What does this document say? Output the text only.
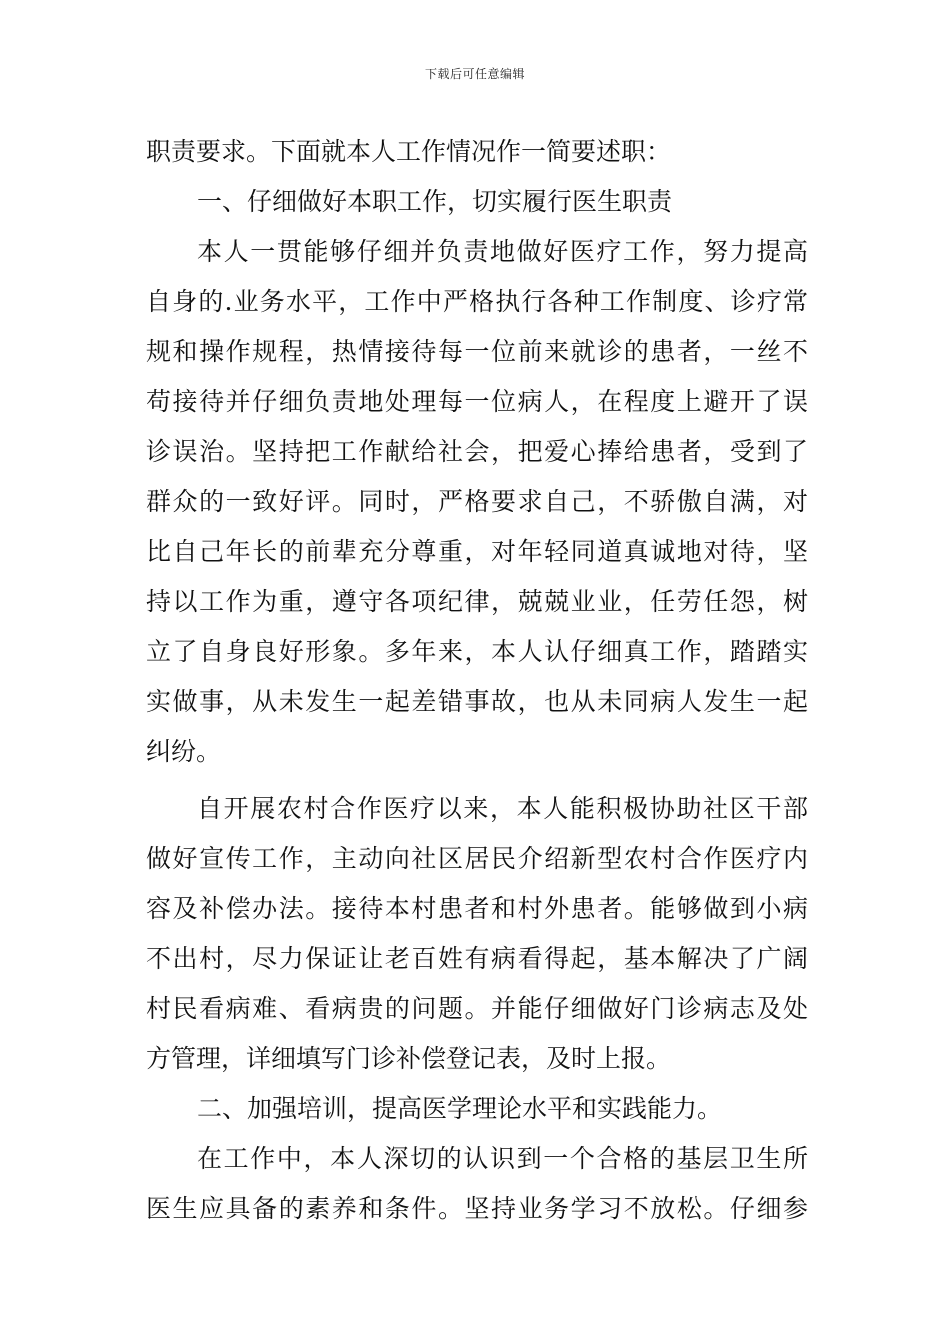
下载后可任意编辑
职责要求。下面就本人工作情况作一简要述职：
一、仔细做好本职工作，切实履行医生职责
本人一贯能够仔细并负责地做好医疗工作，努力提高
自身的.业务水平，工作中严格执行各种工作制度、诊疗常
规和操作规程，热情接待每一位前来就诊的患者，一丝不
苟接待并仔细负责地处理每一位病人，在程度上避开了误
诊误治。坚持把工作献给社会，把爱心捧给患者，受到了
群众的一致好评。同时，严格要求自己，不骄傲自满，对
比自己年长的前辈充分尊重，对年轻同道真诚地对待，坚
持以工作为重，遵守各项纪律，兢兢业业，任劳任怨，树
立了自身良好形象。多年来，本人认仔细真工作，踏踏实
实做事，从未发生一起差错事故，也从未同病人发生一起
纠纷。
自开展农村合作医疗以来，本人能积极协助社区干部
做好宣传工作，主动向社区居民介绍新型农村合作医疗内
容及补偿办法。接待本村患者和村外患者。能够做到小病
不出村，尽力保证让老百姓有病看得起，基本解决了广阔
村民看病难、看病贵的问题。并能仔细做好门诊病志及处
方管理，详细填写门诊补偿登记表，及时上报。
二、加强培训，提高医学理论水平和实践能力。
在工作中，本人深切的认识到一个合格的基层卫生所
医生应具备的素养和条件。坚持业务学习不放松。仔细参
